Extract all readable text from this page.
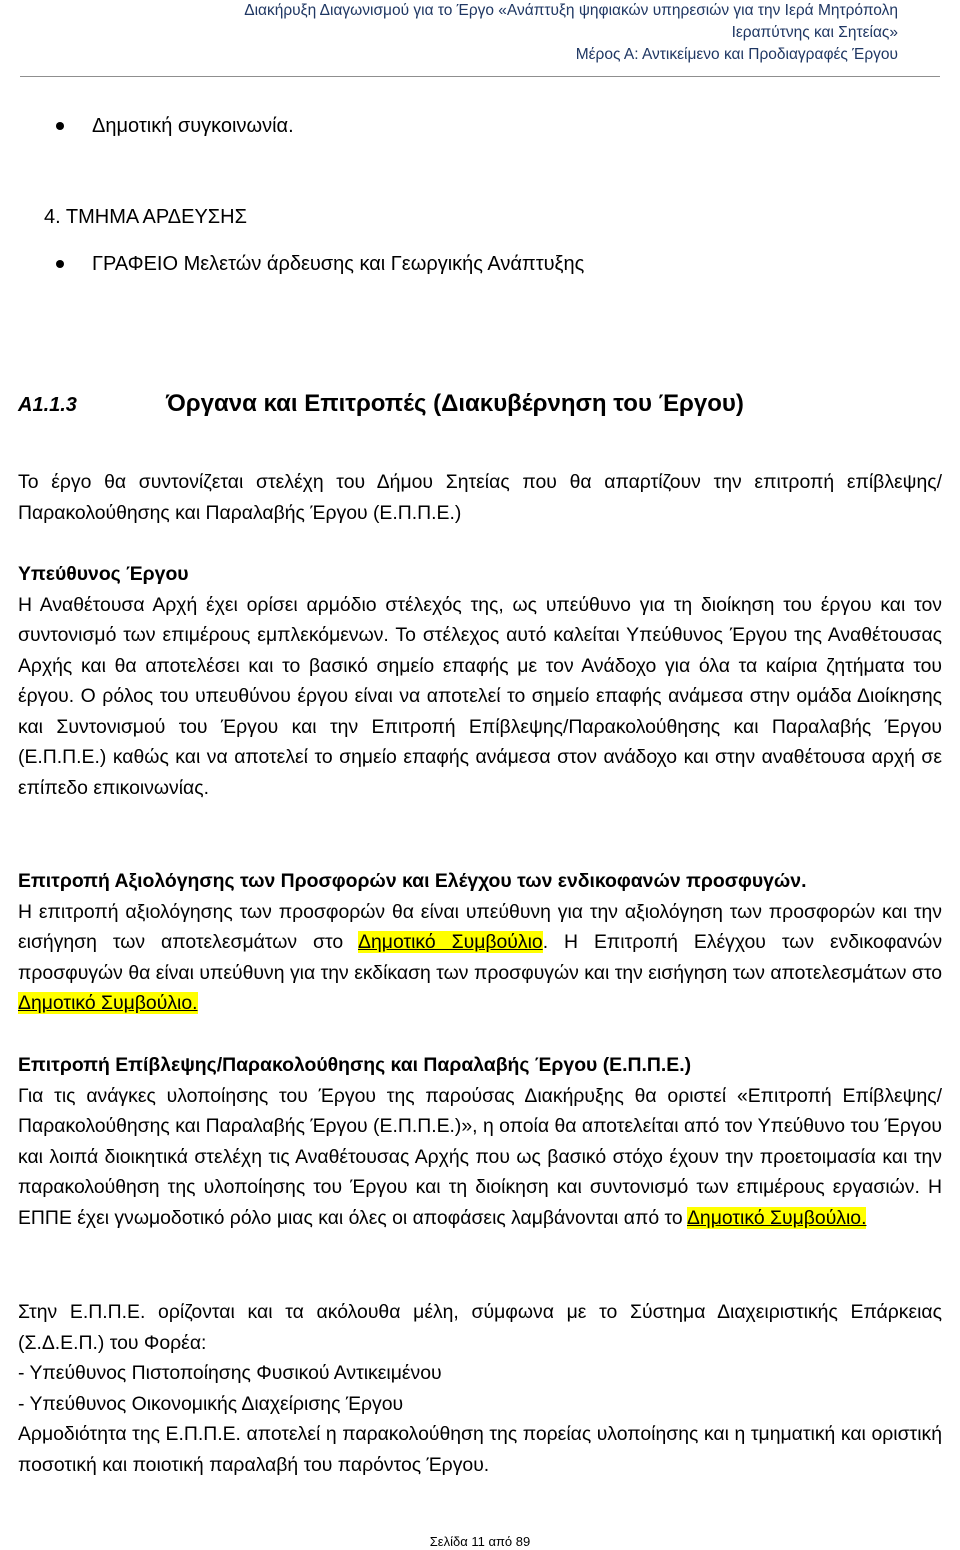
Διακήρυξη Διαγωνισμού για το Έργο «Ανάπτυξη ψηφιακών υπηρεσιών για την Ιερά Μητρόπολη
Ιεραπύτνης και Σητείας»
Μέρος Α: Αντικείμενο και Προδιαγραφές Έργου
Δημοτική συγκοινωνία.
4. ΤΜΗΜΑ ΑΡΔΕΥΣΗΣ
ΓΡΑΦΕΙΟ Μελετών άρδευσης και Γεωργικής Ανάπτυξης
Α1.1.3	Όργανα και Επιτροπές (Διακυβέρνηση του Έργου)

Το έργο θα συντονίζεται στελέχη του Δήμου Σητείας που θα απαρτίζουν την επιτροπή επίβλεψης/ Παρακολούθησης και Παραλαβής Έργου (Ε.Π.Π.Ε.)

Υπεύθυνος Έργου

Η Αναθέτουσα Αρχή έχει ορίσει αρμόδιο στέλεχός της, ως υπεύθυνο για τη διοίκηση του έργου και τον συντονισμό των επιμέρους εμπλεκόμενων. Το στέλεχος αυτό καλείται Υπεύθυνος Έργου της Αναθέτουσας Αρχής και θα αποτελέσει και το βασικό σημείο επαφής με τον Ανάδοχο για όλα τα καίρια ζητήματα του έργου. Ο ρόλος του υπευθύνου έργου είναι να αποτελεί το σημείο επαφής ανάμεσα στην ομάδα Διοίκησης και Συντονισμού του Έργου και την Επιτροπή Επίβλεψης/Παρακολούθησης και Παραλαβής Έργου (Ε.Π.Π.Ε.) καθώς και να αποτελεί το σημείο επαφής ανάμεσα στον ανάδοχο και στην αναθέτουσα αρχή σε επίπεδο επικοινωνίας.

Επιτροπή Αξιολόγησης των Προσφορών και Ελέγχου των ενδικοφανών προσφυγών.

Η επιτροπή αξιολόγησης των προσφορών θα είναι υπεύθυνη για την αξιολόγηση των προσφορών και την εισήγηση των αποτελεσμάτων στο Δημοτικό Συμβούλιο. Η Επιτροπή Ελέγχου των ενδικοφανών προσφυγών θα είναι υπεύθυνη για την εκδίκαση των προσφυγών και την εισήγηση των αποτελεσμάτων στο Δημοτικό Συμβούλιο.

Επιτροπή Επίβλεψης/Παρακολούθησης και Παραλαβής Έργου (Ε.Π.Π.Ε.)

Για τις ανάγκες υλοποίησης του Έργου της παρούσας Διακήρυξης θα οριστεί «Επιτροπή Επίβλεψης/Παρακολούθησης και Παραλαβής Έργου (Ε.Π.Π.Ε.)», η οποία θα αποτελείται από τον Υπεύθυνο του Έργου και λοιπά διοικητικά στελέχη τις Αναθέτουσας Αρχής που ως βασικό στόχο έχουν την προετοιμασία και την παρακολούθηση της υλοποίησης του Έργου και τη διοίκηση και συντονισμό των επιμέρους εργασιών. Η ΕΠΠΕ έχει γνωμοδοτικό ρόλο μιας και όλες οι αποφάσεις λαμβάνονται από το Δημοτικό Συμβούλιο.

Στην Ε.Π.Π.Ε. ορίζονται και τα ακόλουθα μέλη, σύμφωνα με το Σύστημα Διαχειριστικής Επάρκειας (Σ.Δ.Ε.Π.) του Φορέα:

- Υπεύθυνος Πιστοποίησης Φυσικού Αντικειμένου

- Υπεύθυνος Οικονομικής Διαχείρισης Έργου

Αρμοδιότητα της Ε.Π.Π.Ε. αποτελεί η παρακολούθηση της πορείας υλοποίησης και η τμηματική και οριστική ποσοτική και ποιοτική παραλαβή του παρόντος Έργου.

Σελίδα 11 από 89
